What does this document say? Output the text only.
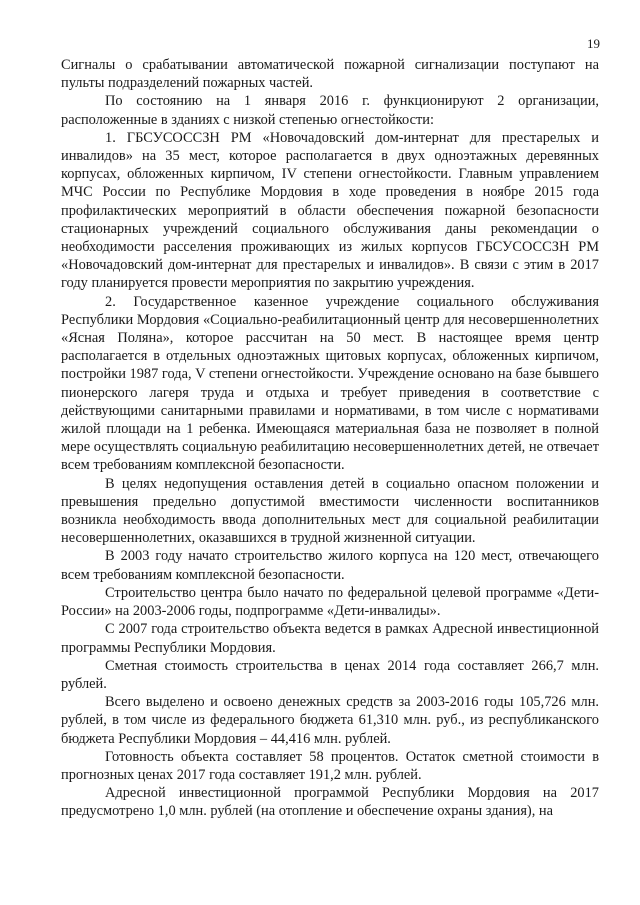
19

Сигналы о срабатывании автоматической пожарной сигнализации поступают на пульты подразделений пожарных частей.

По состоянию на 1 января 2016 г. функционируют 2 организации, расположенные в зданиях с низкой степенью огнестойкости:

1. ГБСУСОССЗН РМ «Новочадовский дом-интернат для престарелых и инвалидов» на 35 мест, которое располагается в двух одноэтажных деревянных корпусах, обложенных кирпичом, IV степени огнестойкости. Главным управлением МЧС России по Республике Мордовия в ходе проведения в ноябре 2015 года профилактических мероприятий в области обеспечения пожарной безопасности стационарных учреждений социального обслуживания даны рекомендации о необходимости расселения проживающих из жилых корпусов ГБСУСОССЗН РМ «Новочадовский дом-интернат для престарелых и инвалидов». В связи с этим в 2017 году планируется провести мероприятия по закрытию учреждения.

2. Государственное казенное учреждение социального обслуживания Республики Мордовия «Социально-реабилитационный центр для несовершеннолетних «Ясная Поляна», которое рассчитан на 50 мест. В настоящее время центр располагается в отдельных одноэтажных щитовых корпусах, обложенных кирпичом, постройки 1987 года, V степени огнестойкости. Учреждение основано на базе бывшего пионерского лагеря труда и отдыха и требует приведения в соответствие с действующими санитарными правилами и нормативами, в том числе с нормативами жилой площади на 1 ребенка. Имеющаяся материальная база не позволяет в полной мере осуществлять социальную реабилитацию несовершеннолетних детей, не отвечает всем требованиям комплексной безопасности.

В целях недопущения оставления детей в социально опасном положении и превышения предельно допустимой вместимости численности воспитанников возникла необходимость ввода дополнительных мест для социальной реабилитации несовершеннолетних, оказавшихся в трудной жизненной ситуации.

В 2003 году начато строительство жилого корпуса на 120 мест, отвечающего всем требованиям комплексной безопасности.

Строительство центра было начато по федеральной целевой программе «Дети-России» на 2003-2006 годы, подпрограмме «Дети-инвалиды».

С 2007 года строительство объекта ведется в рамках Адресной инвестиционной программы Республики Мордовия.

Сметная стоимость строительства в ценах 2014 года составляет 266,7 млн. рублей.

Всего выделено и освоено денежных средств за 2003-2016 годы 105,726 млн. рублей, в том числе из федерального бюджета 61,310 млн. руб., из республиканского бюджета Республики Мордовия – 44,416 млн. рублей.

Готовность объекта составляет 58 процентов. Остаток сметной стоимости в прогнозных ценах 2017 года составляет 191,2 млн. рублей.

Адресной инвестиционной программой Республики Мордовия на 2017 предусмотрено 1,0 млн. рублей (на отопление и обеспечение охраны здания), на
